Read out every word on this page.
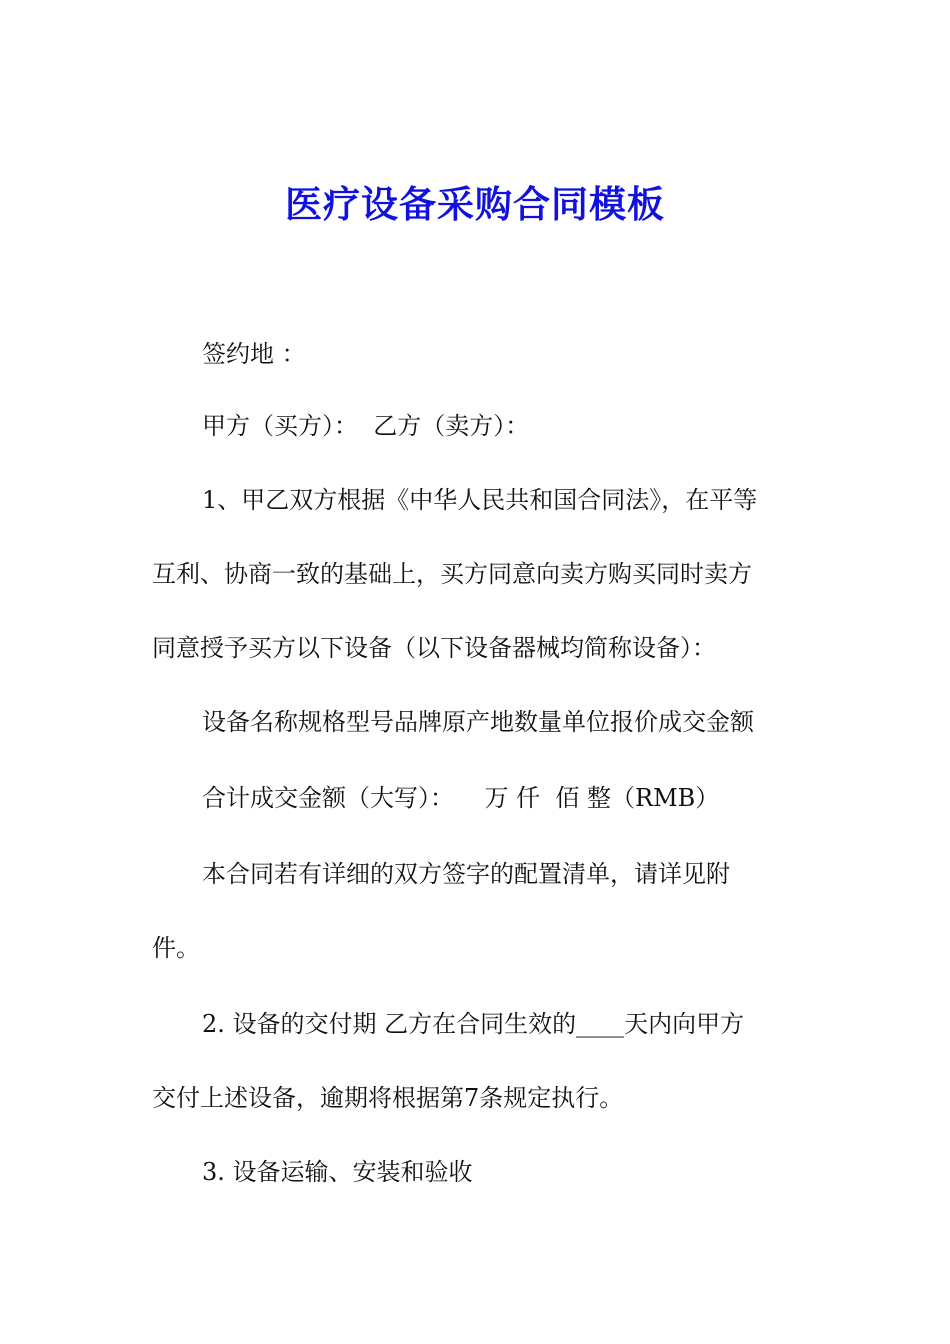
医疗设备采购合同模板

签约地 ：

甲方（买方）：  乙方（卖方）：

1、甲乙双方根据《中华人民共和国合同法》，在平等

互利、协商一致的基础上，买方同意向卖方购买同时卖方

同意授予买方以下设备（以下设备器械均简称设备）：

设备名称规格型号品牌原产地数量单位报价成交金额

合计成交金额（大写）：    万 仟  佰 整（RMB）

本合同若有详细的双方签字的配置清单，请详见附

件。

2. 设备的交付期 乙方在合同生效的____天内向甲方

交付上述设备，逾期将根据第7条规定执行。

3. 设备运输、安装和验收
